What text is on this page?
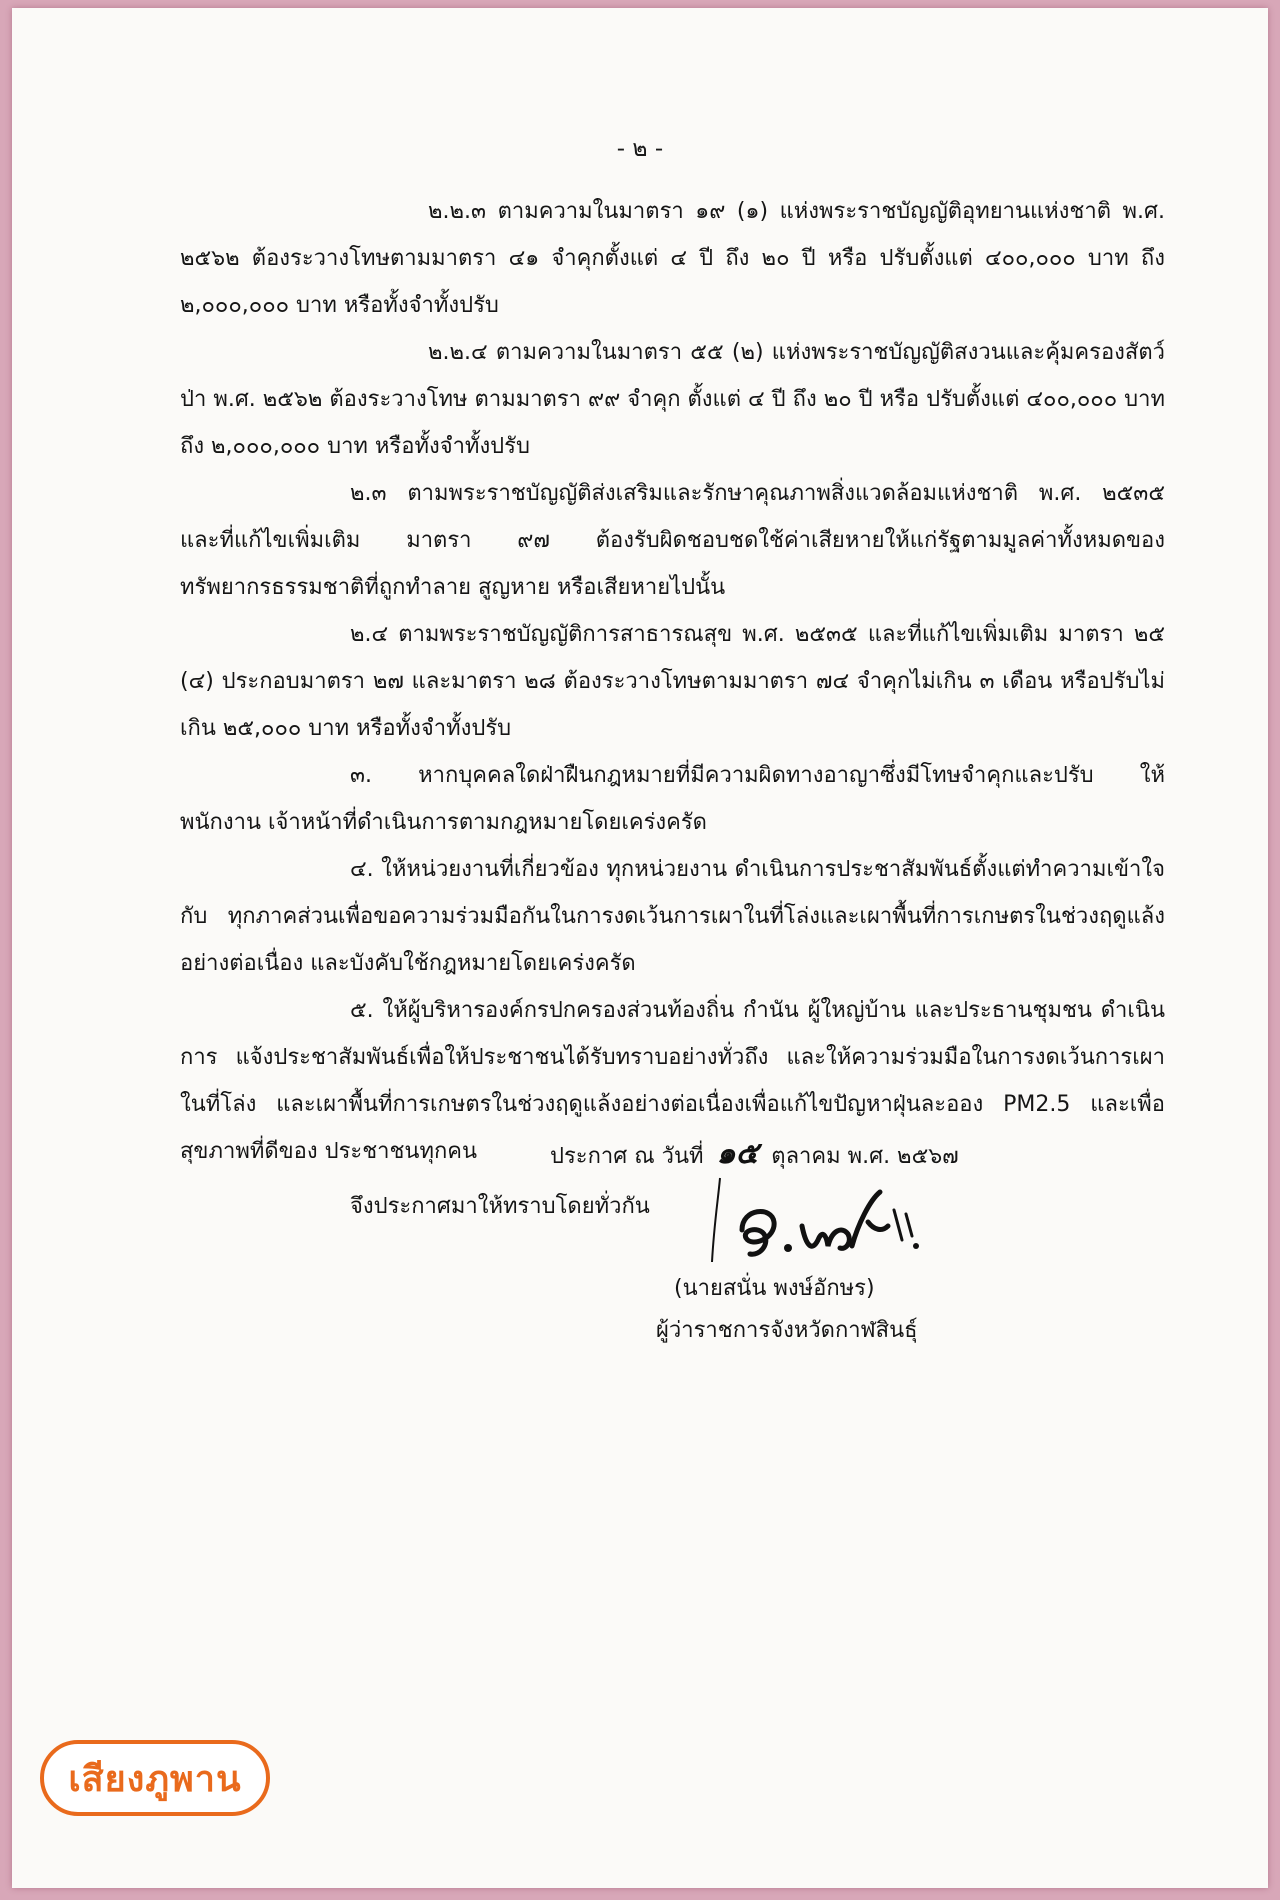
- ๒ -

๒.๒.๓ ตามความในมาตรา ๑๙ (๑) แห่งพระราชบัญญัติอุทยานแห่งชาติ พ.ศ. ๒๕๖๒ ต้องระวางโทษตามมาตรา ๔๑ จำคุกตั้งแต่ ๔ ปี ถึง ๒๐ ปี หรือ ปรับตั้งแต่ ๔๐๐,๐๐๐ บาท ถึง ๒,๐๐๐,๐๐๐ บาท หรือทั้งจำทั้งปรับ

๒.๒.๔ ตามความในมาตรา ๕๕ (๒) แห่งพระราชบัญญัติสงวนและคุ้มครองสัตว์ป่า พ.ศ. ๒๕๖๒ ต้องระวางโทษ ตามมาตรา ๙๙ จำคุก ตั้งแต่ ๔ ปี ถึง ๒๐ ปี หรือ ปรับตั้งแต่ ๔๐๐,๐๐๐ บาท ถึง ๒,๐๐๐,๐๐๐ บาท หรือทั้งจำทั้งปรับ

๒.๓ ตามพระราชบัญญัติส่งเสริมและรักษาคุณภาพสิ่งแวดล้อมแห่งชาติ พ.ศ. ๒๕๓๕ และที่แก้ไขเพิ่มเติม มาตรา ๙๗ ต้องรับผิดชอบชดใช้ค่าเสียหายให้แก่รัฐตามมูลค่าทั้งหมดของ ทรัพยากรธรรมชาติที่ถูกทำลาย สูญหาย หรือเสียหายไปนั้น

๒.๔ ตามพระราชบัญญัติการสาธารณสุข พ.ศ. ๒๕๓๕ และที่แก้ไขเพิ่มเติม มาตรา ๒๕ (๔) ประกอบมาตรา ๒๗ และมาตรา ๒๘ ต้องระวางโทษตามมาตรา ๗๔ จำคุกไม่เกิน ๓ เดือน หรือปรับไม่เกิน ๒๕,๐๐๐ บาท หรือทั้งจำทั้งปรับ

๓. หากบุคคลใดฝ่าฝืนกฎหมายที่มีความผิดทางอาญาซึ่งมีโทษจำคุกและปรับ ให้พนักงาน เจ้าหน้าที่ดำเนินการตามกฎหมายโดยเคร่งครัด

๔. ให้หน่วยงานที่เกี่ยวข้อง ทุกหน่วยงาน ดำเนินการประชาสัมพันธ์ตั้งแต่ทำความเข้าใจกับ ทุกภาคส่วนเพื่อขอความร่วมมือกันในการงดเว้นการเผาในที่โล่งและเผาพื้นที่การเกษตรในช่วงฤดูแล้ง อย่างต่อเนื่อง และบังคับใช้กฎหมายโดยเคร่งครัด

๕. ให้ผู้บริหารองค์กรปกครองส่วนท้องถิ่น กำนัน ผู้ใหญ่บ้าน และประธานชุมชน ดำเนินการ แจ้งประชาสัมพันธ์เพื่อให้ประชาชนได้รับทราบอย่างทั่วถึง และให้ความร่วมมือในการงดเว้นการเผาในที่โล่ง และเผาพื้นที่การเกษตรในช่วงฤดูแล้งอย่างต่อเนื่องเพื่อแก้ไขปัญหาฝุ่นละออง PM2.5 และเพื่อสุขภาพที่ดีของ ประชาชนทุกคน

จึงประกาศมาให้ทราบโดยทั่วกัน

ประกาศ ณ วันที่ ๑๕ ตุลาคม พ.ศ. ๒๕๖๗
(นายสนั่น พงษ์อักษร)
ผู้ว่าราชการจังหวัดกาฬสินธุ์
เสียงภูพาน
